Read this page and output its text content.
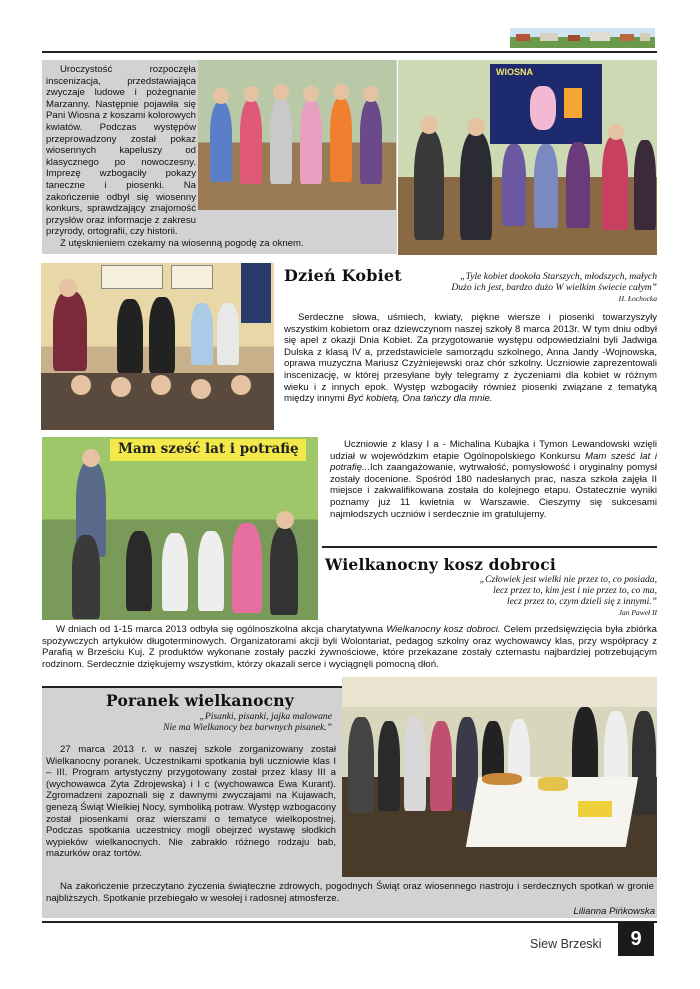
Uroczystość rozpoczęła inscenizacja, przedstawiająca zwyczaje ludowe i pożegnanie Marzanny. Następnie pojawiła się Pani Wiosna z koszami kolorowych kwiatów. Podczas występów przeprowadzony został pokaz wiosennych kapeluszy od klasycznego po nowoczesny. Imprezę wzbogaciły pokazy taneczne i piosenki. Na zakończenie odbył się wiosenny konkurs, sprawdzający znajomość przysłów oraz informacje z zakresu przyrody, ortografii, czy historii.

Z utęsknieniem czekamy na wiosenną pogodę za oknem.

WIOSNA
Dzień Kobiet	„Tyle kobiet dookoła Starszych, młodszych, małych
Dużo ich jest, bardzo dużo W wielkim świecie całym”
H. Łochocka

Serdeczne słowa, uśmiech, kwiaty, piękne wiersze i piosenki towarzyszyły wszystkim kobietom oraz dziewczynom naszej szkoły 8 marca 2013r. W tym dniu odbył się apel z okazji Dnia Kobiet. Za przygotowanie występu odpowiedzialni byli Jadwiga Dulska z klasą IV a, przedstawiciele samorządu szkolnego, Anna Jandy -Wojnowska, oprawa muzyczna Mariusz Czyżniejewski oraz chór szkolny. Uczniowie zaprezentowali inscenizację, w której przesyłane były telegramy z życzeniami dla kobiet w różnym wieku i z innych epok. Występ wzbogaciły również piosenki związane z tematyką między innymi Być kobietą, Ona tańczy dla mnie.

Mam sześć lat i potrafię	Uczniowie z klasy I a - Michalina Kubajka i Tymon Lewandowski wzięli udział w wojewódzkim etapie Ogólnopolskiego Konkursu Mam sześć lat i potrafię...Ich zaangażowanie, wytrwałość, pomysłowość i oryginalny pomysł zostały docenione. Spośród 180 nadesłanych prac, nasza szkoła zajęła II miejsce i zakwalifikowana została do kolejnego etapu. Ostatecznie wyniki poznamy już 11 kwietnia w Warszawie. Cieszymy się sukcesami najmłodszych uczniów i serdecznie im gratulujemy.

Wielkanocny kosz dobroci
„Człowiek jest wielki nie przez to, co posiada,
lecz przez to, kim jest i nie przez to, co ma,
lecz przez to, czym dzieli się z innymi.”
Jan Paweł II

W dniach od 1-15 marca 2013 odbyła się ogólnoszkolna akcja charytatywna Wielkanocny kosz dobroci. Celem przedsięwzięcia była zbiórka spożywczych artykułów długoterminowych. Organizatorami akcji byli Wolontariat, pedagog szkolny oraz wychowawcy klas, przy współpracy z Parafią w Brześciu Kuj. Z produktów wykonane zostały paczki żywnościowe, które przekazane zostały czternastu najbardziej potrzebującym rodzinom. Serdecznie dziękujemy wszystkim, którzy okazali serce i wyciągnęli pomocną dłoń.

Poranek wielkanocny
„Pisanki, pisanki, jajka malowane
Nie ma Wielkanocy bez barwnych pisanek.”

27 marca 2013 r. w naszej szkole zorganizowany został Wielkanocny poranek. Uczestnikami spotkania byli uczniowie klas I – III. Program artystyczny przygotowany został przez klasy III a (wychowawca Zyta Zdrojewska) i I c (wychowawca Ewa Kurant). Zgromadzeni zapoznali się z dawnymi zwyczajami na Kujawach, genezą Świąt Wielkiej Nocy, symboliką potraw. Występ wzbogacony został piosenkami oraz wierszami o tematyce wielkopostnej. Podczas spotkania uczestnicy mogli obejrzeć wystawę słodkich wypieków wielkanocnych. Nie zabrakło różnego rodzaju bab, mazurków oraz tortów.

Na zakończenie przeczytano życzenia świąteczne zdrowych, pogodnych Świąt oraz wiosennego nastroju i serdecznych spotkań w gronie najbliższych. Spotkanie przebiegało w wesołej i radosnej atmosferze.

Lilianna Pińkowska
Siew Brzeski	9
